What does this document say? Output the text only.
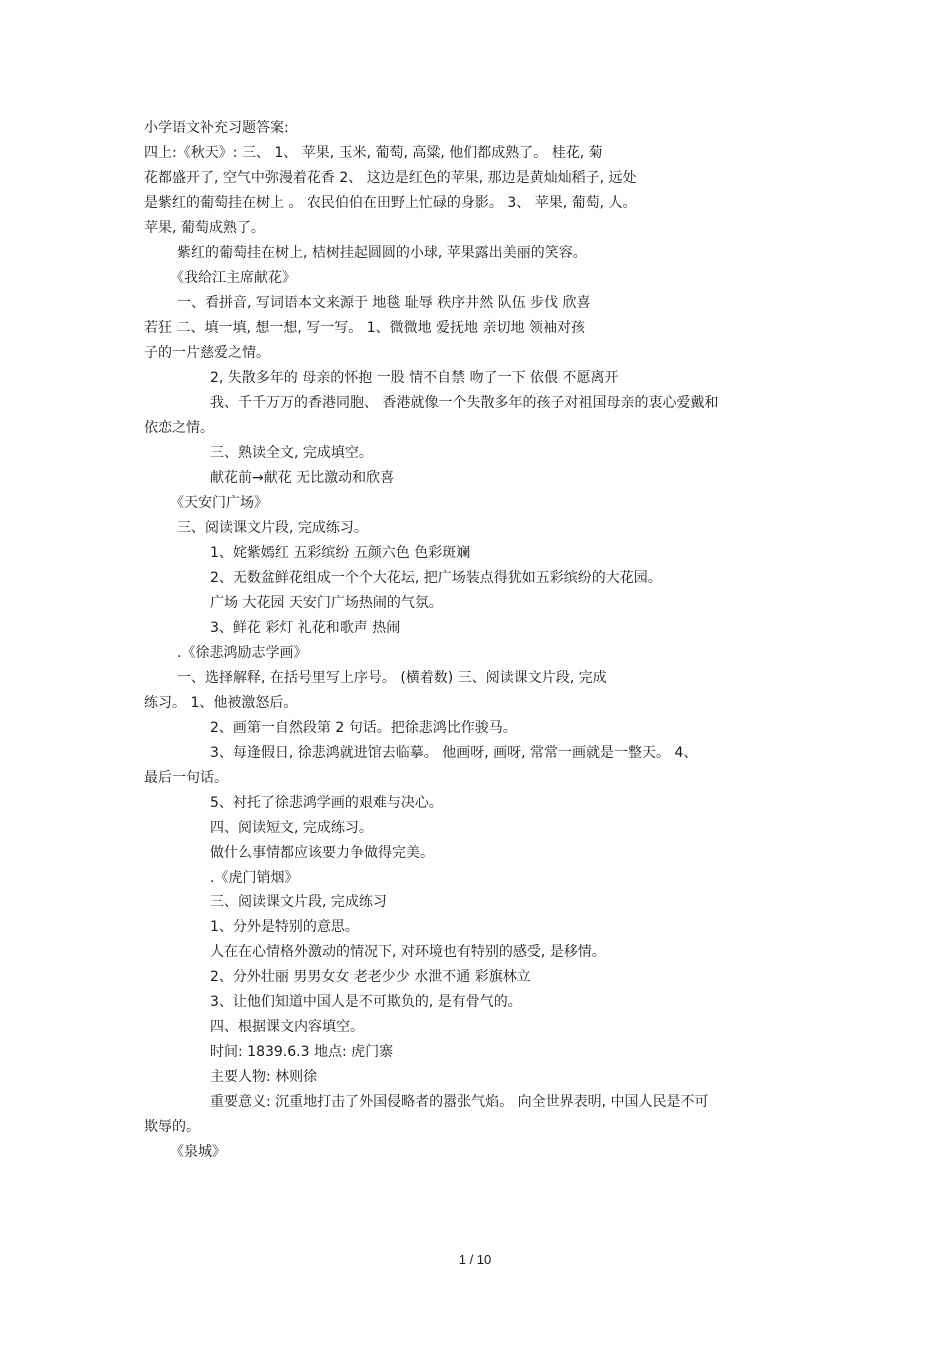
小学语文补充习题答案:
四上:《秋天》: 三、 1、 苹果, 玉米, 葡萄, 高粱, 他们都成熟了。 桂花, 菊
花都盛开了, 空气中弥漫着花香 2、 这边是红色的苹果, 那边是黄灿灿稻子, 远处
是紫红的葡萄挂在树上 。 农民伯伯在田野上忙碌的身影。 3、 苹果, 葡萄, 人。
苹果, 葡萄成熟了。
紫红的葡萄挂在树上, 桔树挂起圆圆的小球, 苹果露出美丽的笑容。
《我给江主席献花》
一、看拼音, 写词语本文来源于 地毯 耻辱 秩序井然 队伍 步伐 欣喜
若狂 二、填一填, 想一想, 写一写。 1、微微地 爱抚地 亲切地 领袖对孩
子的一片慈爱之情。
2, 失散多年的 母亲的怀抱 一股 情不自禁 吻了一下 依偎 不愿离开
我、千千万万的香港同胞、 香港就像一个失散多年的孩子对祖国母亲的衷心爱戴和
依恋之情。
三、熟读全文, 完成填空。
献花前→献花 无比激动和欣喜
《天安门广场》
三、阅读课文片段, 完成练习。
1、姹紫嫣红 五彩缤纷 五颜六色 色彩斑斓
2、无数盆鲜花组成一个个大花坛, 把广场装点得犹如五彩缤纷的大花园。
广场 大花园 天安门广场热闹的气氛。
3、鲜花 彩灯 礼花和歌声 热闹
.《徐悲鸿励志学画》
一、选择解释, 在括号里写上序号。 (横着数) 三、阅读课文片段, 完成
练习。 1、他被激怒后。
2、画第一自然段第 2 句话。把徐悲鸿比作骏马。
3、每逢假日, 徐悲鸿就进馆去临摹。 他画呀, 画呀, 常常一画就是一整天。 4、
最后一句话。
5、衬托了徐悲鸿学画的艰难与决心。
四、阅读短文, 完成练习。
做什么事情都应该要力争做得完美。
.《虎门销烟》
三、阅读课文片段, 完成练习
1、分外是特别的意思。
人在在心情格外激动的情况下, 对环境也有特别的感受, 是移情。
2、分外壮丽 男男女女 老老少少 水泄不通 彩旗林立
3、让他们知道中国人是不可欺负的, 是有骨气的。
四、根据课文内容填空。
时间: 1839.6.3 地点: 虎门寨
主要人物: 林则徐
重要意义: 沉重地打击了外国侵略者的嚣张气焰。 向全世界表明, 中国人民是不可
欺辱的。
《泉城》
1 / 10
